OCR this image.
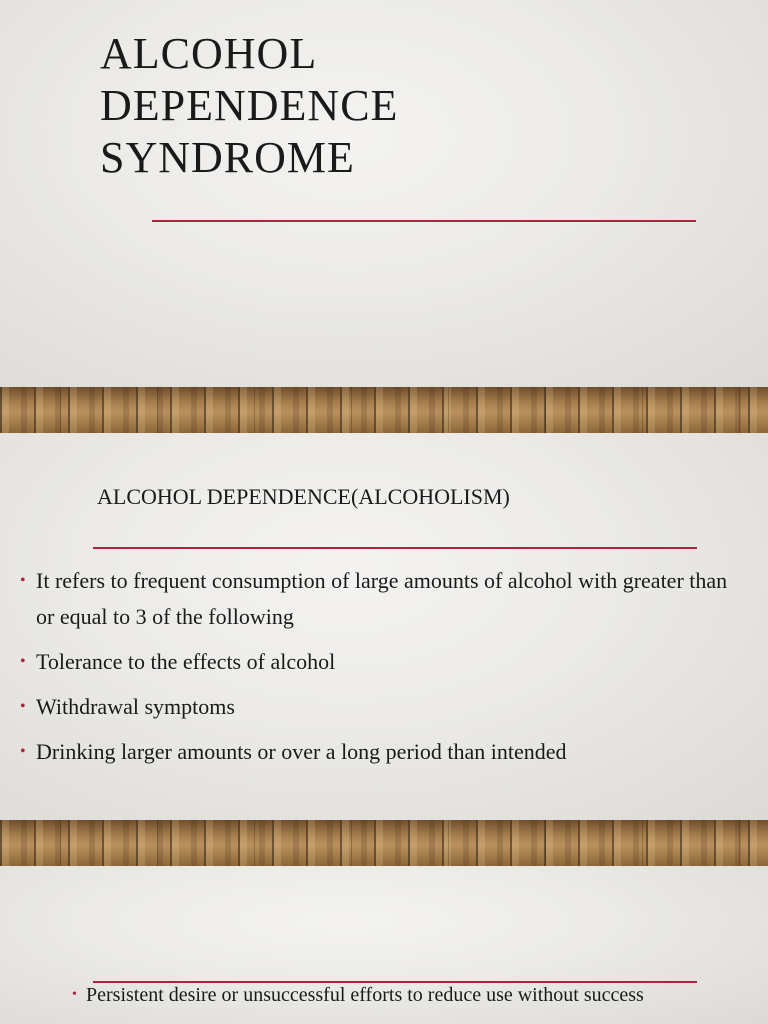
ALCOHOL
DEPENDENCE
SYNDROME
ALCOHOL DEPENDENCE(ALCOHOLISM)
• It refers to frequent consumption of large amounts of alcohol with greater than or equal to 3 of the following
• Tolerance to the effects of alcohol
• Withdrawal symptoms
• Drinking larger amounts or over a long period than intended
• Persistent desire or unsuccessful efforts to reduce use without success
